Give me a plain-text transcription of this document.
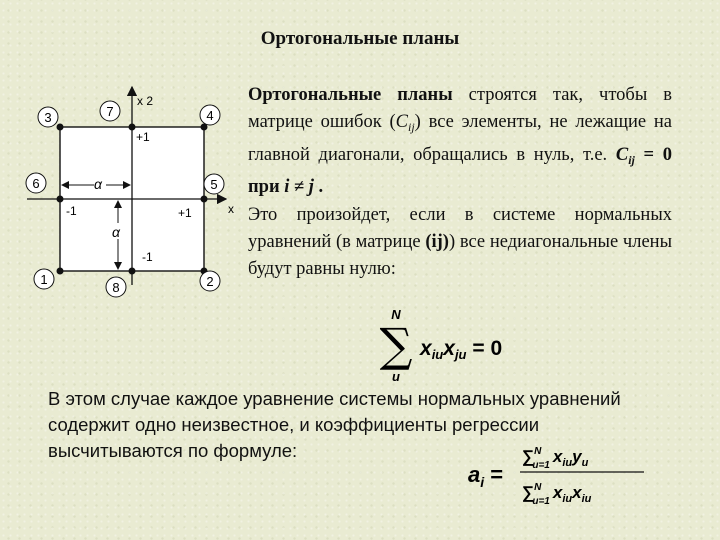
Ортогональные планы
α
α
x 2
x
+1
+1
-1
-1
3	7	4
6	5
1
8	2

Ортогональные планы строятся так, чтобы в матрице ошибок $(C_{ij})$ все элементы, не лежащие на главной диагонали, обращались в нуль, т.е. $C_{ij} = 0$ при i ≠ j .

Это произойдет, если в системе нормальных уравнений (в матрице (ij)) все недиагональные члены будут равны нулю:

N
∑
u
xiuxju = 0

В этом случае каждое уравнение системы нормальных уравнений содержит одно неизвестное, и коэффициенты регрессии высчитываются по формуле:

$a_i$ =
∑$^N$ u=1 $x_{iu}y_u$
∑$^N$ u=1 $x_{iu}x_{iu}$
